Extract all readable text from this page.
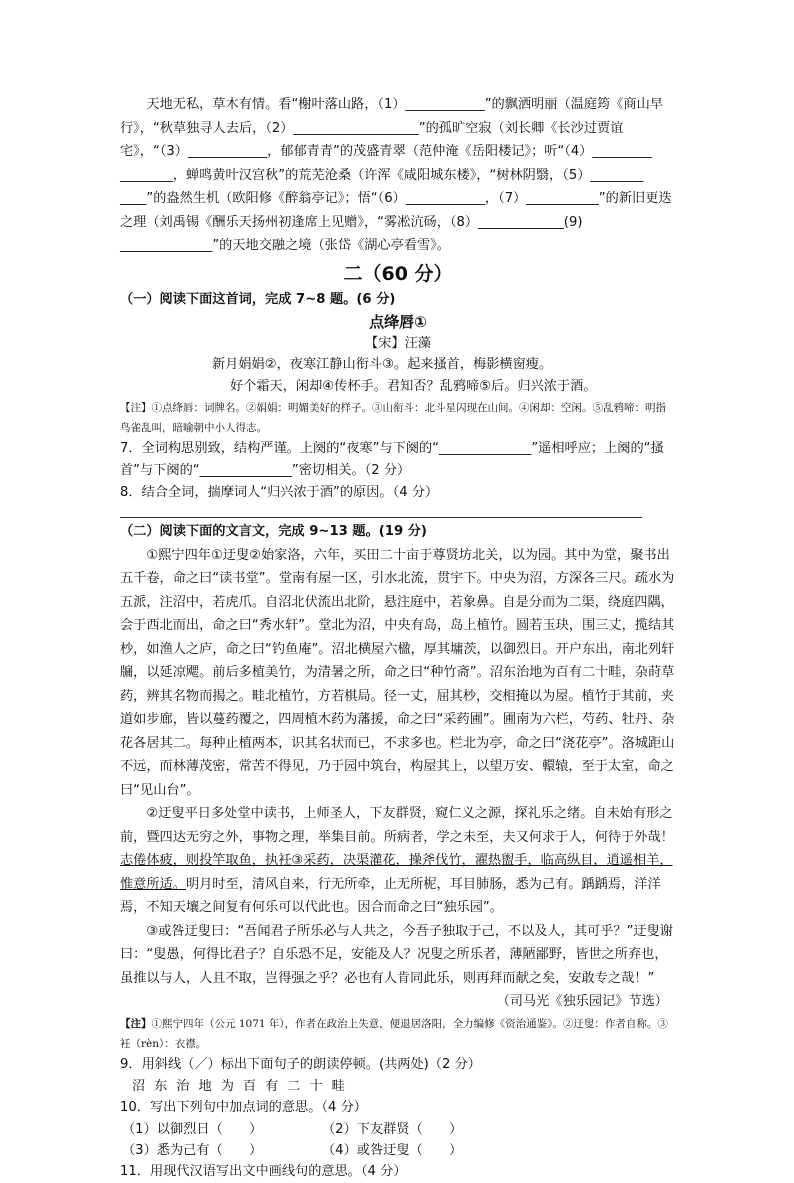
天地无私，草木有情。看“榭叶落山路，（1）____________”的飘洒明丽（温庭筠《商山早行》，“秋草独寻人去后，（2）___________________”的孤旷空寂（刘长卿《长沙过贾谊宅》，“（3）____________，郁郁青青”的茂盛青翠（范仲淹《岳阳楼记》；听“（4）_________ ________，蝉鸣黄叶汉宫秋”的荒芜沧桑（许浑《咸阳城东楼》，“树林阴翳，（5）________ ____”的盎然生机（欧阳修《醉翁亭记》；悟“（6）____________，（7）___________”的新旧更迭之理（刘禹锡《酬乐天扬州初逢席上见赠》，“雾凇沆砀，（8）_____________(9) ______________”的天地交融之境（张岱《湖心亭看雪》。

二（60 分）

（一）阅读下面这首词，完成 7~8 题。(6 分)

点绛唇①
【宋】汪藻
新月娟娟②，夜寒江静山衔斗③。起来搔首，梅影横窗瘦。
好个霜天，闲却④传杯手。君知否？乱鸦啼⑤后。归兴浓于酒。

【注】①点绛唇：词牌名。②娟娟：明媚美好的样子。③山衔斗：北斗星闪现在山间。④闲却：空闲。⑤乱鸦啼：明指鸟雀乱叫，暗喻朝中小人得志。

7．全词构思别致，结构严谨。上阕的“夜寒”与下阕的“______________”遥相呼应；上阕的“搔首”与下阕的“______________”密切相关。（2 分）

8．结合全词，揣摩词人“归兴浓于酒”的原因。（4 分）

（二）阅读下面的文言文，完成 9~13 题。(19 分)

①熙宁四年①迂叟②始家洛，六年，买田二十亩于尊贤坊北关，以为园。其中为堂，聚书出五千卷，命之曰“读书堂”。堂南有屋一区，引水北流，贯宇下。中央为沼，方深各三尺。疏水为五派，注沼中，若虎爪。自沼北伏流出北阶，悬注庭中，若象鼻。自是分而为二渠，绕庭四隅，会于西北而出，命之曰“秀水轩”。堂北为沼，中央有岛，岛上植竹。圆若玉玦，围三丈，揽结其杪，如渔人之庐，命之曰“钓鱼庵”。沼北横屋六楹，厚其墉茨，以御烈日。开户东出，南北列轩牖，以延凉飔。前后多植美竹，为清暑之所，命之曰“种竹斋”。沼东治地为百有二十畦，杂莳草药，辨其名物而揭之。畦北植竹，方若棋局。径一丈，屈其杪，交相掩以为屋。植竹于其前，夹道如步廊，皆以蔓药覆之，四周植木药为藩援，命之曰“采药圃”。圃南为六栏，芍药、牡丹、杂花各居其二。每种止植两本，识其名状而已，不求多也。栏北为亭，命之曰“浇花亭”。洛城距山不远，而林薄茂密，常苦不得见，乃于园中筑台，构屋其上，以望万安、轘辕，至于太室，命之曰“见山台”。

②迂叟平日多处堂中读书，上师圣人，下友群贤，窥仁义之源，探礼乐之绪。自未始有形之前，暨四达无穷之外，事物之理，举集目前。所病者，学之未至，夫又何求于人，何待于外哉！志倦体疲，则投竿取鱼，执衽③采药，决渠灌花，操斧伐竹，濯热盥手，临高纵目，逍遥相羊，惟意所适。明月时至，清风自来，行无所牵，止无所柅，耳目肺肠，悉为己有。踽踽焉，洋洋焉，不知天壤之间复有何乐可以代此也。因合而命之曰“独乐园”。

③或咎迂叟曰：“吾闻君子所乐必与人共之，今吾子独取于己，不以及人，其可乎？”迂叟谢曰：“叟愚，何得比君子？自乐恐不足，安能及人？况叟之所乐者，薄陋鄙野，皆世之所弃也，虽推以与人，人且不取，岂得强之乎？必也有人肯同此乐，则再拜而献之矣，安敢专之哉！”

（司马光《独乐园记》节选）

【注】①熙宁四年（公元 1071 年），作者在政治上失意，便退居洛阳，全力编修《资治通鉴》。②迂叟：作者自称。③衽（rèn）：衣襟。

9．用斜线（／）标出下面句子的朗读停顿。(共两处)（2 分）

沼东治地为百有二十畦

10．写出下列句中加点词的意思。（4 分）

（1）以御烈日（　　）	（2）下友群贤（　　）
（3）悉为己有（　　）	（4）或咎迂叟（　　）

11．用现代汉语写出文中画线句的意思。（4 分）
